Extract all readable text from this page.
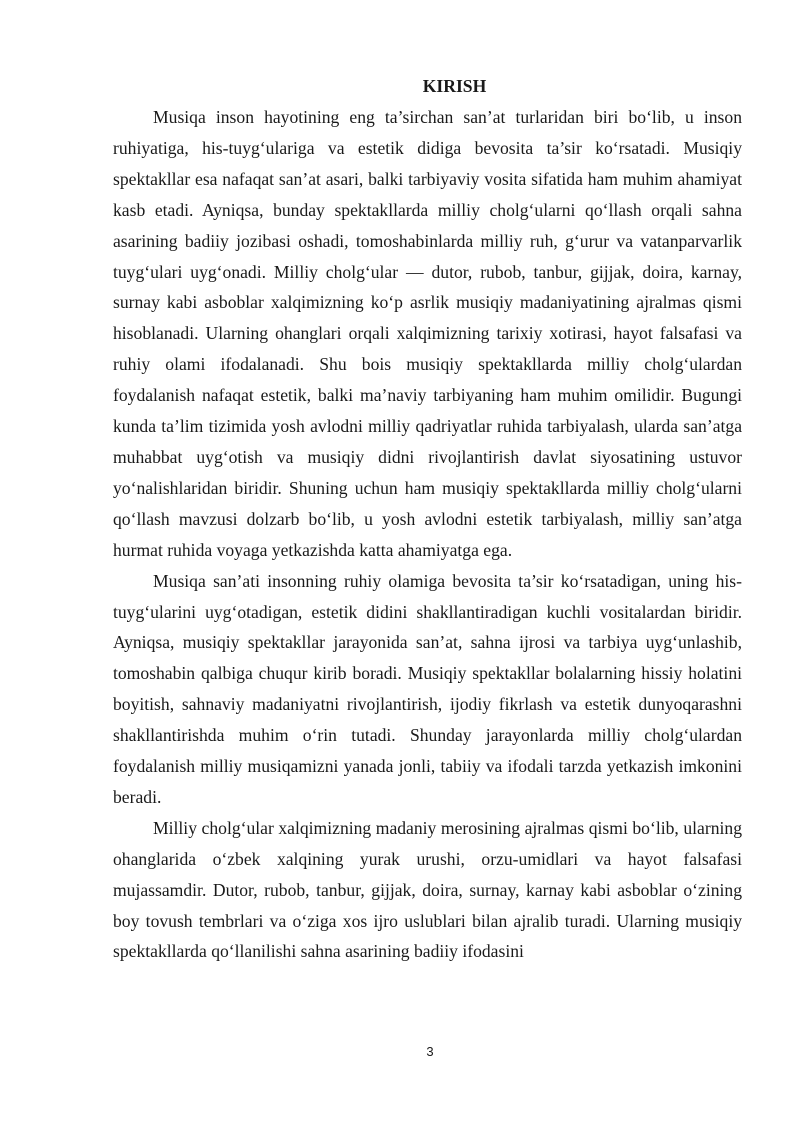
KIRISH

Musiqa inson hayotining eng ta’sirchan san’at turlaridan biri bo‘lib, u inson ruhiyatiga, his-tuyg‘ulariga va estetik didiga bevosita ta’sir ko‘rsatadi. Musiqiy spektakllar esa nafaqat san’at asari, balki tarbiyaviy vosita sifatida ham muhim ahamiyat kasb etadi. Ayniqsa, bunday spektakllarda milliy cholg‘ularni qo‘llash orqali sahna asarining badiiy jozibasi oshadi, tomoshabinlarda milliy ruh, g‘urur va vatanparvarlik tuyg‘ulari uyg‘onadi. Milliy cholg‘ular — dutor, rubob, tanbur, gijjak, doira, karnay, surnay kabi asboblar xalqimizning ko‘p asrlik musiqiy madaniyatining ajralmas qismi hisoblanadi. Ularning ohanglari orqali xalqimizning tarixiy xotirasi, hayot falsafasi va ruhiy olami ifodalanadi. Shu bois musiqiy spektakllarda milliy cholg‘ulardan foydalanish nafaqat estetik, balki ma’naviy tarbiyaning ham muhim omilidir. Bugungi kunda ta’lim tizimida yosh avlodni milliy qadriyatlar ruhida tarbiyalash, ularda san’atga muhabbat uyg‘otish va musiqiy didni rivojlantirish davlat siyosatining ustuvor yo‘nalishlaridan biridir. Shuning uchun ham musiqiy spektakllarda milliy cholg‘ularni qo‘llash mavzusi dolzarb bo‘lib, u yosh avlodni estetik tarbiyalash, milliy san’atga hurmat ruhida voyaga yetkazishda katta ahamiyatga ega.

Musiqa san’ati insonning ruhiy olamiga bevosita ta’sir ko‘rsatadigan, uning his-tuyg‘ularini uyg‘otadigan, estetik didini shakllantiradigan kuchli vositalardan biridir. Ayniqsa, musiqiy spektakllar jarayonida san’at, sahna ijrosi va tarbiya uyg‘unlashib, tomoshabin qalbiga chuqur kirib boradi. Musiqiy spektakllar bolalarning hissiy holatini boyitish, sahnaviy madaniyatni rivojlantirish, ijodiy fikrlash va estetik dunyoqarashni shakllantirishda muhim o‘rin tutadi. Shunday jarayonlarda milliy cholg‘ulardan foydalanish milliy musiqamizni yanada jonli, tabiiy va ifodali tarzda yetkazish imkonini beradi.

Milliy cholg‘ular xalqimizning madaniy merosining ajralmas qismi bo‘lib, ularning ohanglarida o‘zbek xalqining yurak urushi, orzu-umidlari va hayot falsafasi mujassamdir. Dutor, rubob, tanbur, gijjak, doira, surnay, karnay kabi asboblar o‘zining boy tovush tembrlari va o‘ziga xos ijro uslublari bilan ajralib turadi. Ularning musiqiy spektakllarda qo‘llanilishi sahna asarining badiiy ifodasini

3
